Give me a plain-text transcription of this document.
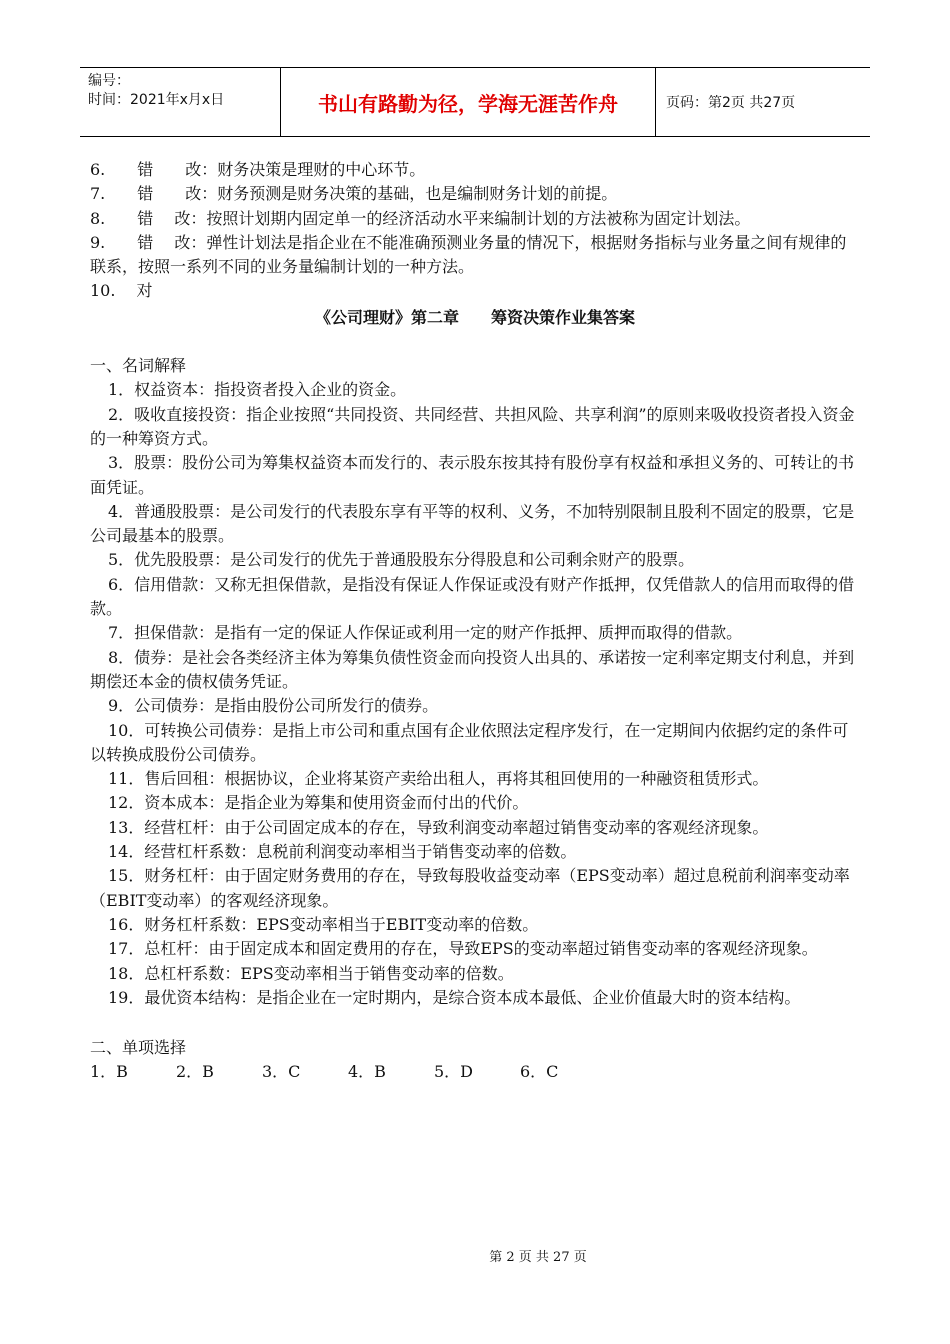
编号：
时间：2021年x月x日	书山有路勤为径，学海无涯苦作舟	页码：第2页 共27页

6.　　错　　改：财务决策是理财的中心环节。

7.　　错　　改：财务预测是财务决策的基础，也是编制财务计划的前提。

8.　　错　 改：按照计划期内固定单一的经济活动水平来编制计划的方法被称为固定计划法。

9.　　错　 改：弹性计划法是指企业在不能准确预测业务量的情况下，根据财务指标与业务量之间有规律的联系，按照一系列不同的业务量编制计划的一种方法。

10.　 对

《公司理财》第二章　　筹资决策作业集答案

一、名词解释

1．权益资本：指投资者投入企业的资金。

2．吸收直接投资：指企业按照“共同投资、共同经营、共担风险、共享利润”的原则来吸收投资者投入资金的一种筹资方式。

3．股票：股份公司为筹集权益资本而发行的、表示股东按其持有股份享有权益和承担义务的、可转让的书面凭证。

4．普通股股票：是公司发行的代表股东享有平等的权利、义务，不加特别限制且股利不固定的股票，它是公司最基本的股票。

5．优先股股票：是公司发行的优先于普通股股东分得股息和公司剩余财产的股票。

6．信用借款：又称无担保借款，是指没有保证人作保证或没有财产作抵押，仅凭借款人的信用而取得的借款。

7．担保借款：是指有一定的保证人作保证或利用一定的财产作抵押、质押而取得的借款。

8．债券：是社会各类经济主体为筹集负债性资金而向投资人出具的、承诺按一定利率定期支付利息，并到期偿还本金的债权债务凭证。

9．公司债券：是指由股份公司所发行的债券。

10．可转换公司债券：是指上市公司和重点国有企业依照法定程序发行，在一定期间内依据约定的条件可以转换成股份公司债券。

11．售后回租：根据协议，企业将某资产卖给出租人，再将其租回使用的一种融资租赁形式。

12．资本成本：是指企业为筹集和使用资金而付出的代价。

13．经营杠杆：由于公司固定成本的存在，导致利润变动率超过销售变动率的客观经济现象。

14．经营杠杆系数：息税前利润变动率相当于销售变动率的倍数。

15．财务杠杆：由于固定财务费用的存在，导致每股收益变动率（EPS变动率）超过息税前利润率变动率（EBIT变动率）的客观经济现象。

16．财务杠杆系数：EPS变动率相当于EBIT变动率的倍数。

17．总杠杆：由于固定成本和固定费用的存在，导致EPS的变动率超过销售变动率的客观经济现象。

18．总杠杆系数：EPS变动率相当于销售变动率的倍数。

19．最优资本结构：是指企业在一定时期内，是综合资本成本最低、企业价值最大时的资本结构。

二、单项选择

1．B	2．B	3．C	4．B	5．D	6．C

第 2 页 共 27 页
